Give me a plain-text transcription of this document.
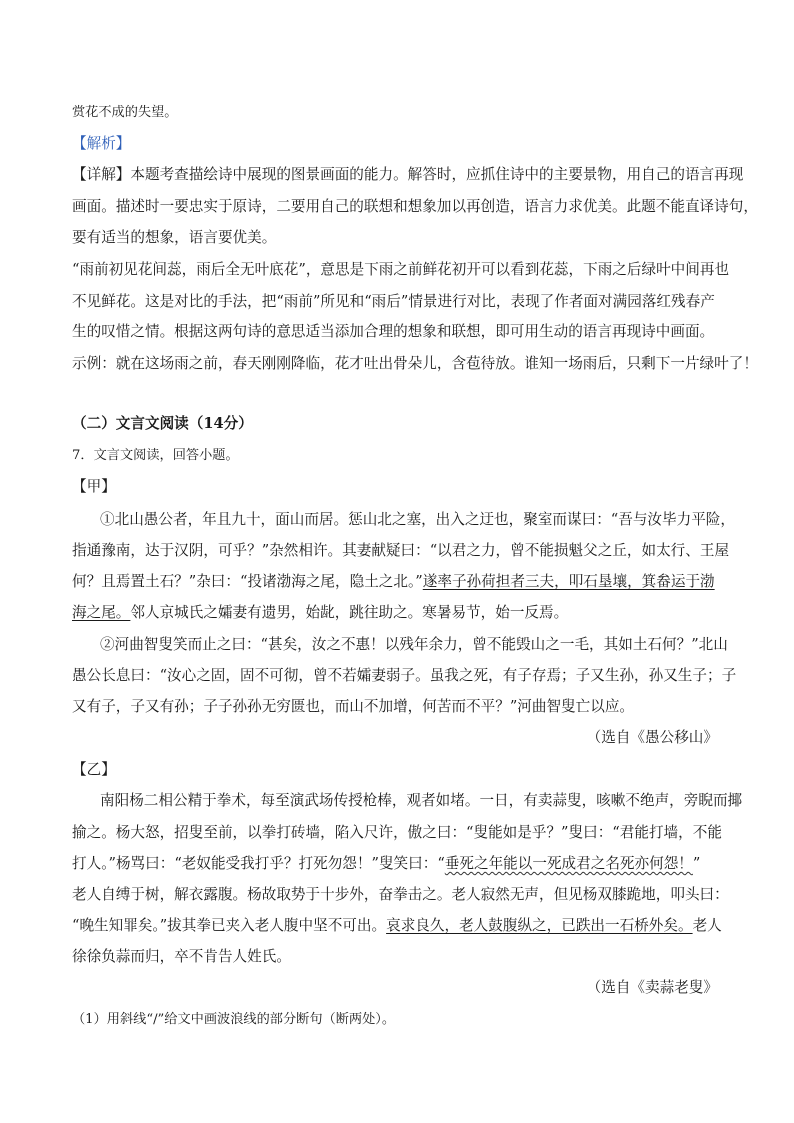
赏花不成的失望。
【解析】
【详解】本题考查描绘诗中展现的图景画面的能力。解答时，应抓住诗中的主要景物，用自己的语言再现
画面。描述时一要忠实于原诗，二要用自己的联想和想象加以再创造，语言力求优美。此题不能直译诗句，
要有适当的想象，语言要优美。
“雨前初见花间蕊，雨后全无叶底花”，意思是下雨之前鲜花初开可以看到花蕊，下雨之后绿叶中间再也
不见鲜花。这是对比的手法，把“雨前”所见和“雨后”情景进行对比，表现了作者面对满园落红残春产
生的叹惜之情。根据这两句诗的意思适当添加合理的想象和联想，即可用生动的语言再现诗中画面。
示例：就在这场雨之前，春天刚刚降临，花才吐出骨朵儿，含苞待放。谁知一场雨后，只剩下一片绿叶了！
（二）文言文阅读（14分）
7．文言文阅读，回答小题。
【甲】
①北山愚公者，年且九十，面山而居。惩山北之塞，出入之迂也，聚室而谋曰：“吾与汝毕力平险，
指通豫南，达于汉阴，可乎？”杂然相许。其妻献疑曰：“以君之力，曾不能损魁父之丘，如太行、王屋
何？且焉置土石？”杂曰：“投诸渤海之尾，隐土之北。”遂率子孙荷担者三夫，叩石垦壤，箕畚运于渤
海之尾。邻人京城氏之孀妻有遗男，始龀，跳往助之。寒暑易节，始一反焉。
②河曲智叟笑而止之曰：“甚矣，汝之不惠！以残年余力，曾不能毁山之一毛，其如土石何？”北山
愚公长息曰：“汝心之固，固不可彻，曾不若孀妻弱子。虽我之死，有子存焉；子又生孙，孙又生子；子
又有子，子又有孙；子子孙孙无穷匮也，而山不加增，何苦而不平？”河曲智叟亡以应。
（选自《愚公移山》
【乙】
南阳杨二相公精于拳术，每至演武场传授枪棒，观者如堵。一日，有卖蒜叟，咳嗽不绝声，旁睨而揶
揄之。杨大怒，招叟至前，以拳打砖墙，陷入尺许，傲之曰：“叟能如是乎？”叟曰：“君能打墙，不能
打人。”杨骂曰：“老奴能受我打乎？打死勿怨！”叟笑曰：“垂死之年能以一死成君之名死亦何怨！”
老人自缚于树，解衣露腹。杨故取势于十步外，奋拳击之。老人寂然无声，但见杨双膝跪地，叩头曰：
“晚生知罪矣。”拔其拳已夹入老人腹中坚不可出。哀求良久，老人鼓腹纵之，已跌出一石桥外矣。老人
徐徐负蒜而归，卒不肯告人姓氏。
（选自《卖蒜老叟》
（1）用斜线“/”给文中画波浪线的部分断句（断两处）。
